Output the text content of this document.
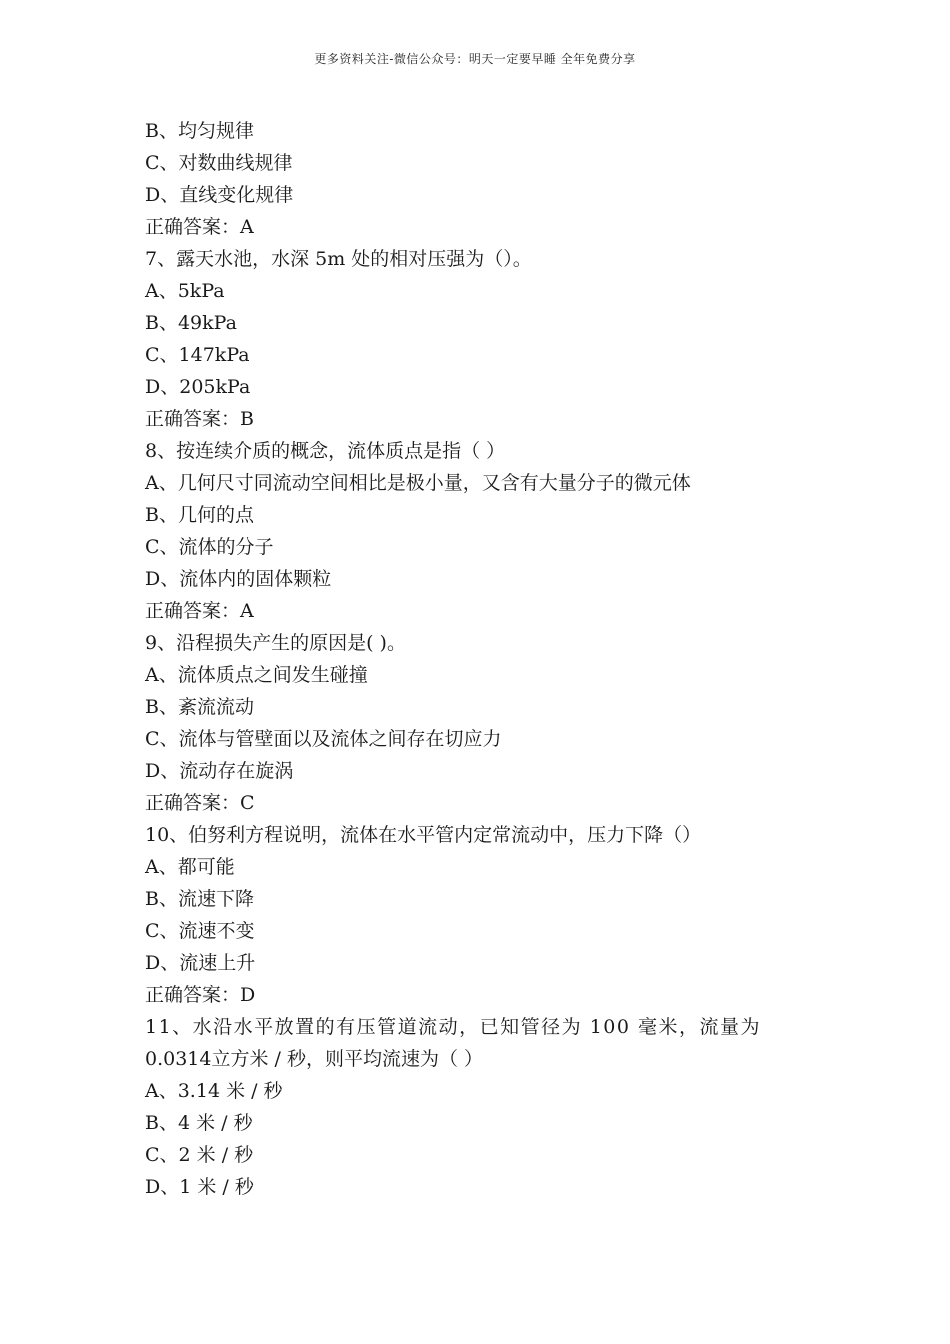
更多资料关注-微信公众号：明天一定要早睡 全年免费分享
B、均匀规律
C、对数曲线规律
D、直线变化规律
正确答案：A
7、露天水池，水深 5m 处的相对压强为（）。
A、5kPa
B、49kPa
C、147kPa
D、205kPa
正确答案：B
8、按连续介质的概念，流体质点是指（ ）
A、几何尺寸同流动空间相比是极小量，又含有大量分子的微元体
B、几何的点
C、流体的分子
D、流体内的固体颗粒
正确答案：A
9、沿程损失产生的原因是( )。
A、流体质点之间发生碰撞
B、紊流流动
C、流体与管壁面以及流体之间存在切应力
D、流动存在旋涡
正确答案：C
10、伯努利方程说明，流体在水平管内定常流动中，压力下降（）
A、都可能
B、流速下降
C、流速不变
D、流速上升
正确答案：D
11、水沿水平放置的有压管道流动，已知管径为 100 毫米，流量为
0.0314立方米 / 秒，则平均流速为（ ）
A、3.14 米 / 秒
B、4 米 / 秒
C、2 米 / 秒
D、1 米 / 秒
